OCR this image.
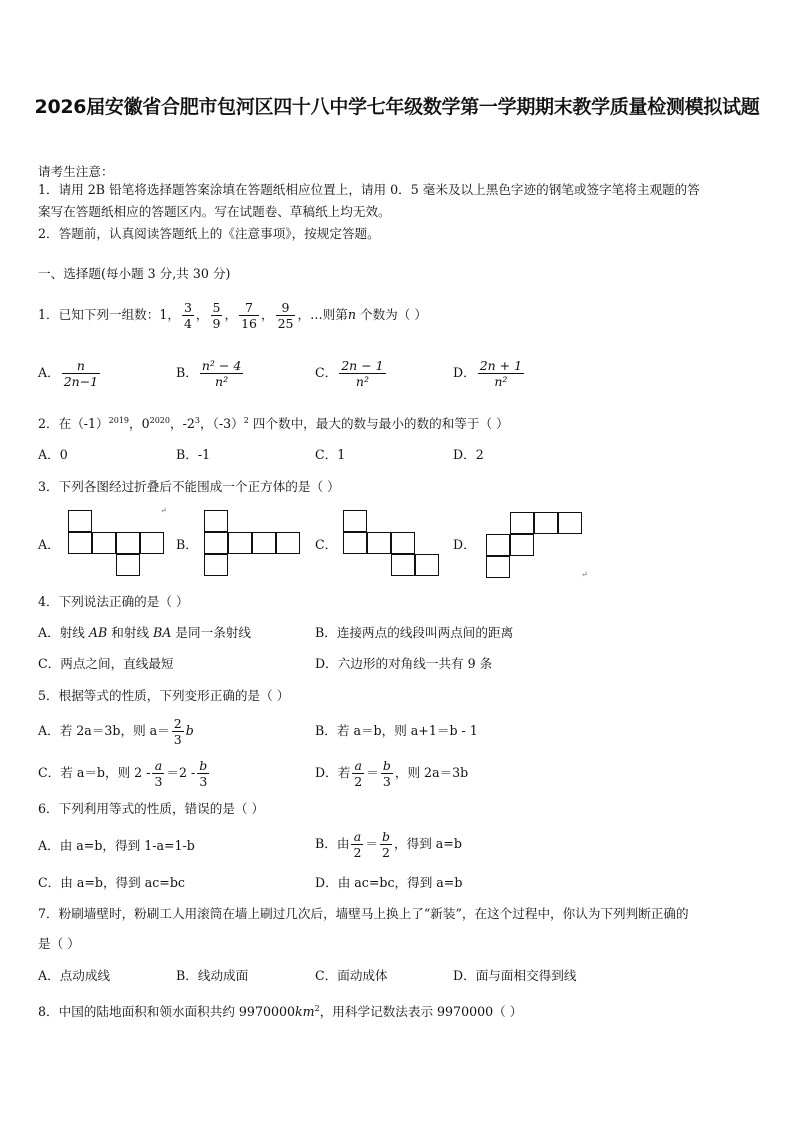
2026届安徽省合肥市包河区四十八中学七年级数学第一学期期末教学质量检测模拟试题
请考生注意：
1．请用 2B 铅笔将选择题答案涂填在答题纸相应位置上，请用 0．5 毫米及以上黑色字迹的钢笔或签字笔将主观题的答
案写在答题纸相应的答题区内。写在试题卷、草稿纸上均无效。
2．答题前，认真阅读答题纸上的《注意事项》，按规定答题。
一、选择题(每小题 3 分,共 30 分)
1．已知下列一组数：1， $\frac{3}{4}$ ， $\frac{5}{9}$ ， $\frac{7}{16}$ ， $\frac{9}{25}$ ，…则第n 个数为（ ）
A． $\frac{n}{2n-1}$	B． $\frac{\text{n² − 4}}{\text{n²}}$	C． $\frac{2n - 1}{\text{n²}}$	D． $\frac{2n + 1}{\text{n²}}$
2．在$(-1)^{2019}$，$0^{2020}$，$-2^3$，$(-3)^2$ 四个数中，最大的数与最小的数的和等于（ ）
A．0	B．-1	C．1	D．2
3．下列各图经过折叠后不能围成一个正方体的是（ ）
A．	B．	C．	D．
↵
↵
4．下列说法正确的是（ ）
A．射线 AB 和射线 BA 是同一条射线	B．连接两点的线段叫两点间的距离
C．两点之间，直线最短	D．六边形的对角线一共有 9 条
5．根据等式的性质，下列变形正确的是（ ）
A．若 2a＝3b，则 $a= \frac{2}{3}$ b	B．若 a＝b，则 a+1＝b - 1
C．若 a＝b，则 $2 - \frac{a}{3} =2 - \frac{b}{3}$	D．若 $\frac{a}{2} = \frac{b}{3}$ ，则 2a＝3b
6．下列利用等式的性质，错误的是（ ）
A．由 a=b，得到 1-a=1-b	B．由 $\frac{a}{2} = \frac{b}{2}$ ，得到 a=b
C．由 a=b，得到 ac=bc	D．由 ac=bc，得到 a=b
7．粉刷墙壁时，粉刷工人用滚筒在墙上刷过几次后，墙壁马上换上了“新装”，在这个过程中，你认为下列判断正确的
是（ ）
A．点动成线	B．线动成面	C．面动成体	D．面与面相交得到线
8．中国的陆地面积和领水面积共约 $9970000km^2$，用科学记数法表示 9970000（ ）
